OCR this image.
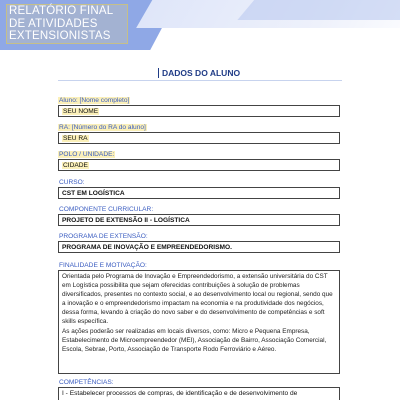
RELATÓRIO FINAL DE ATIVIDADES EXTENSIONISTAS
DADOS DO ALUNO
Aluno: [Nome completo]
SEU NOME
RA: [Número do RA do aluno]
SEU RA
POLO / UNIDADE:
CIDADE
CURSO:
CST EM LOGÍSTICA
COMPONENTE CURRICULAR:
PROJETO DE EXTENSÃO II - LOGÍSTICA
PROGRAMA DE EXTENSÃO:
PROGRAMA DE INOVAÇÃO E EMPREENDEDORISMO.
FINALIDADE E MOTIVAÇÃO:

Orientada pelo Programa de Inovação e Empreendedorismo, a extensão universitária do CST em Logística possibilita que sejam oferecidas contribuições à solução de problemas diversificados, presentes no contexto social, e ao desenvolvimento local ou regional, sendo que a inovação e o empreendedorismo impactam na economia e na produtividade dos negócios, dessa forma, levando à criação do novo saber e do desenvolvimento de competências e soft skills específica.

As ações poderão ser realizadas em locais diversos, como: Micro e Pequena Empresa, Estabelecimento de Microempreendedor (MEI), Associação de Bairro, Associação Comercial, Escola, Sebrae, Porto, Associação de Transporte Rodo Ferroviário e Aéreo.

COMPETÊNCIAS:
I - Estabelecer processos de compras, de identificação e de desenvolvimento de
